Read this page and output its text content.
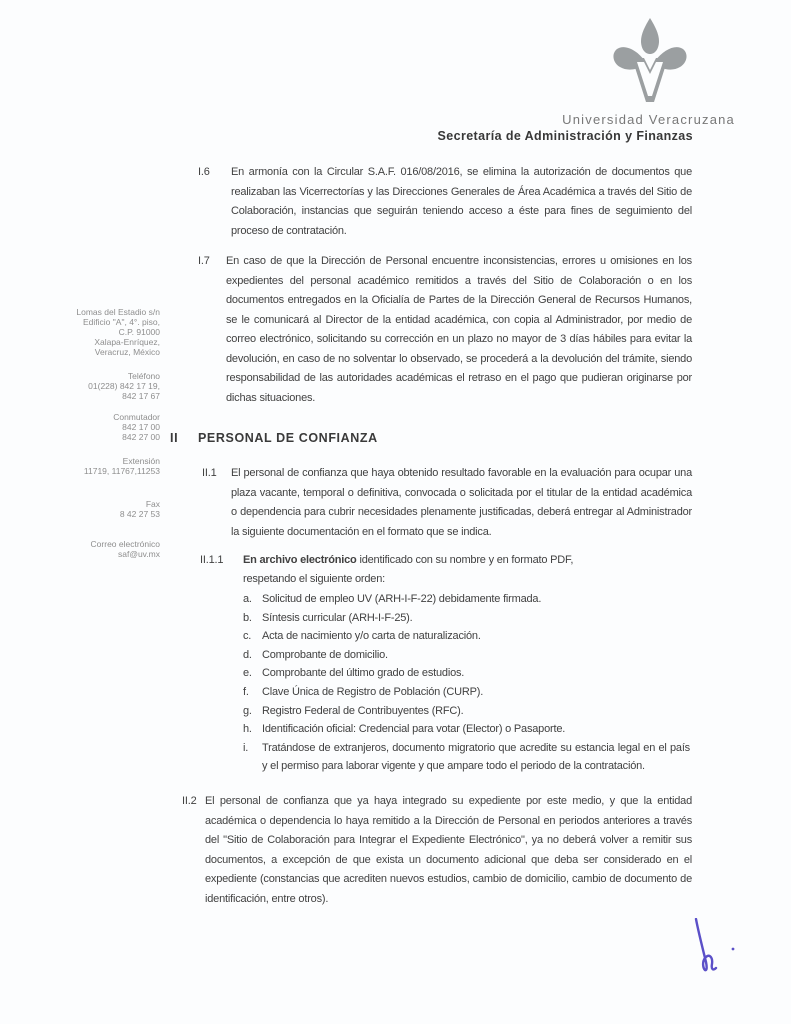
Universidad Veracruzana
Secretaría de Administración y Finanzas
Lomas del Estadio s/n
Edificio "A", 4°. piso,
C.P. 91000
Xalapa-Enríquez,
Veracruz, México
Teléfono
01(228) 842 17 19,
842 17 67
Conmutador
842 17 00
842 27 00
Extensión
11719, 11767,11253
Fax
8 42 27 53
Correo electrónico
saf@uv.mx
I.6	En armonía con la Circular S.A.F. 016/08/2016, se elimina la autorización de documentos que realizaban las Vicerrectorías y las Direcciones Generales de Área Académica a través del Sitio de Colaboración, instancias que seguirán teniendo acceso a éste para fines de seguimiento del proceso de contratación.

I.7	En caso de que la Dirección de Personal encuentre inconsistencias, errores u omisiones en los expedientes del personal académico remitidos a través del Sitio de Colaboración o en los documentos entregados en la Oficialía de Partes de la Dirección General de Recursos Humanos, se le comunicará al Director de la entidad académica, con copia al Administrador, por medio de correo electrónico, solicitando su corrección en un plazo no mayor de 3 días hábiles para evitar la devolución, en caso de no solventar lo observado, se procederá a la devolución del trámite, siendo responsabilidad de las autoridades académicas el retraso en el pago que pudieran originarse por dichas situaciones.

II	PERSONAL DE CONFIANZA
II.1	El personal de confianza que haya obtenido resultado favorable en la evaluación para ocupar una plaza vacante, temporal o definitiva, convocada o solicitada por el titular de la entidad académica o dependencia para cubrir necesidades plenamente justificadas, deberá entregar al Administrador la siguiente documentación en el formato que se indica.

II.1.1	En archivo electrónico identificado con su nombre y en formato PDF,
respetando el siguiente orden:
a. Solicitud de empleo UV (ARH-I-F-22) debidamente firmada.

b. Síntesis curricular (ARH-I-F-25).

c. Acta de nacimiento y/o carta de naturalización.

d. Comprobante de domicilio.

e. Comprobante del último grado de estudios.

f.	Clave Única de Registro de Población (CURP).

g. Registro Federal de Contribuyentes (RFC).

h. Identificación oficial: Credencial para votar (Elector) o Pasaporte.

i.	Tratándose de extranjeros, documento migratorio que acredite su estancia legal en el país y el permiso para laborar vigente y que ampare todo el periodo de la contratación.

II.2 El personal de confianza que ya haya integrado su expediente por este medio, y que la entidad académica o dependencia lo haya remitido a la Dirección de Personal en periodos anteriores a través del "Sitio de Colaboración para Integrar el Expediente Electrónico", ya no deberá volver a remitir sus documentos, a excepción de que exista un documento adicional que deba ser considerado en el expediente (constancias que acrediten nuevos estudios, cambio de domicilio, cambio de documento de identificación, entre otros).
